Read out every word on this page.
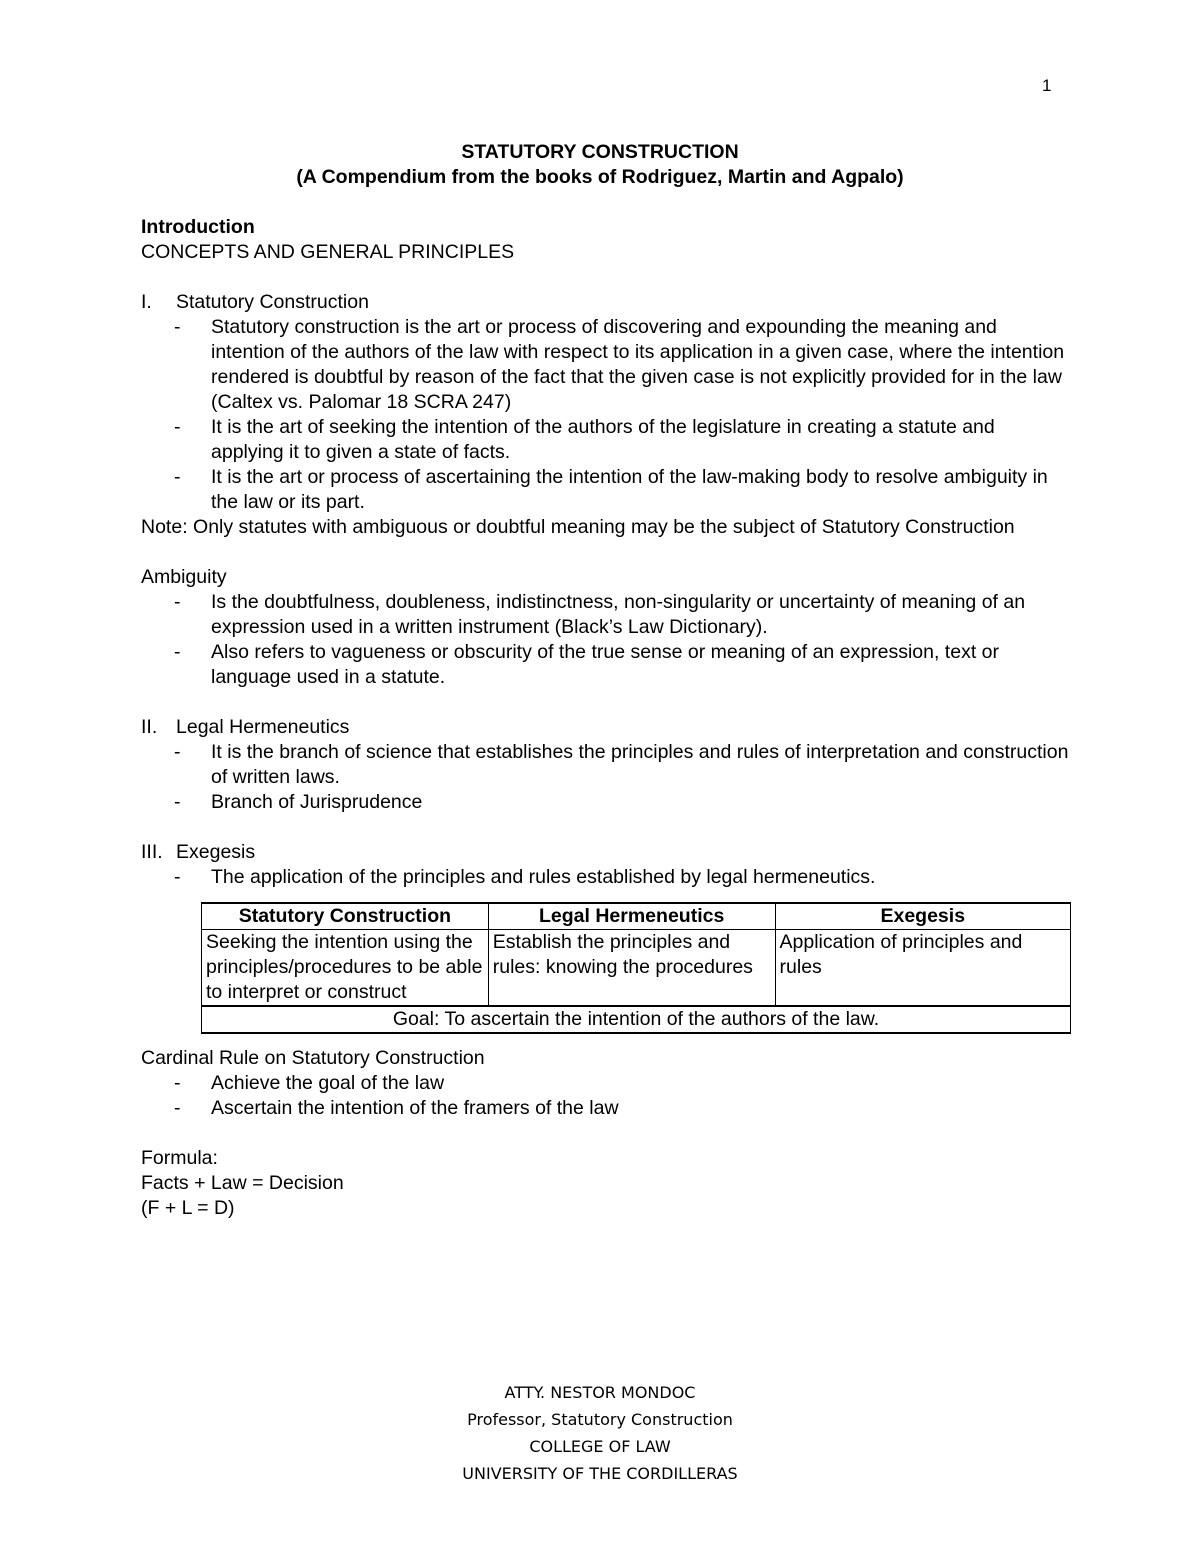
1
STATUTORY CONSTRUCTION
(A Compendium from the books of Rodriguez, Martin and Agpalo)
Introduction
CONCEPTS AND GENERAL PRINCIPLES
I.	Statutory Construction
-	Statutory construction is the art or process of discovering and expounding the meaning and intention of the authors of the law with respect to its application in a given case, where the intention rendered is doubtful by reason of the fact that the given case is not explicitly provided for in the law (Caltex vs. Palomar 18 SCRA 247)
-	It is the art of seeking the intention of the authors of the legislature in creating a statute and applying it to given a state of facts.
-	It is the art or process of ascertaining the intention of the law-making body to resolve ambiguity in the law or its part.
Note: Only statutes with ambiguous or doubtful meaning may be the subject of Statutory Construction
Ambiguity
-	Is the doubtfulness, doubleness, indistinctness, non-singularity or uncertainty of meaning of an expression used in a written instrument (Black’s Law Dictionary).
-	Also refers to vagueness or obscurity of the true sense or meaning of an expression, text or language used in a statute.
II. Legal Hermeneutics
-	It is the branch of science that establishes the principles and rules of interpretation and construction of written laws.
-	Branch of Jurisprudence
III. Exegesis
-	The application of the principles and rules established by legal hermeneutics.
Statutory Construction	Legal Hermeneutics	Exegesis
Seeking the intention using the principles/procedures to be able to interpret or construct	Establish the principles and rules: knowing the procedures	Application of principles and rules
Goal: To ascertain the intention of the authors of the law.		
Cardinal Rule on Statutory Construction
-	Achieve the goal of the law
-	Ascertain the intention of the framers of the law
Formula:
Facts + Law = Decision
(F + L = D)
ATTY. NESTOR MONDOC
Professor, Statutory Construction
COLLEGE OF LAW
UNIVERSITY OF THE CORDILLERAS
